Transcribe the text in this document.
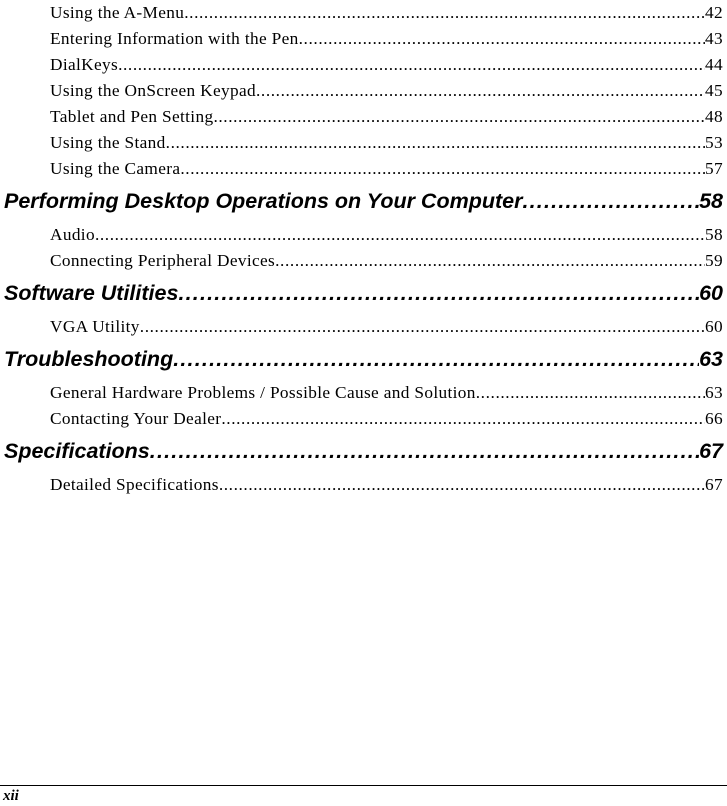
Using the A-Menu .....	42
Entering Information with the Pen .....	43
DialKeys .....	44
Using the OnScreen Keypad .....	45
Tablet and Pen Setting .....	48
Using the Stand .....	53
Using the Camera .....	57
Performing Desktop Operations on Your Computer .....	58
Audio .....	58
Connecting Peripheral Devices .....	59
Software Utilities .....	60
VGA Utility .....	60
Troubleshooting .....	63
General Hardware Problems / Possible Cause and Solution .....	63
Contacting Your Dealer .....	66
Specifications .....	67
Detailed Specifications .....	67
xii
